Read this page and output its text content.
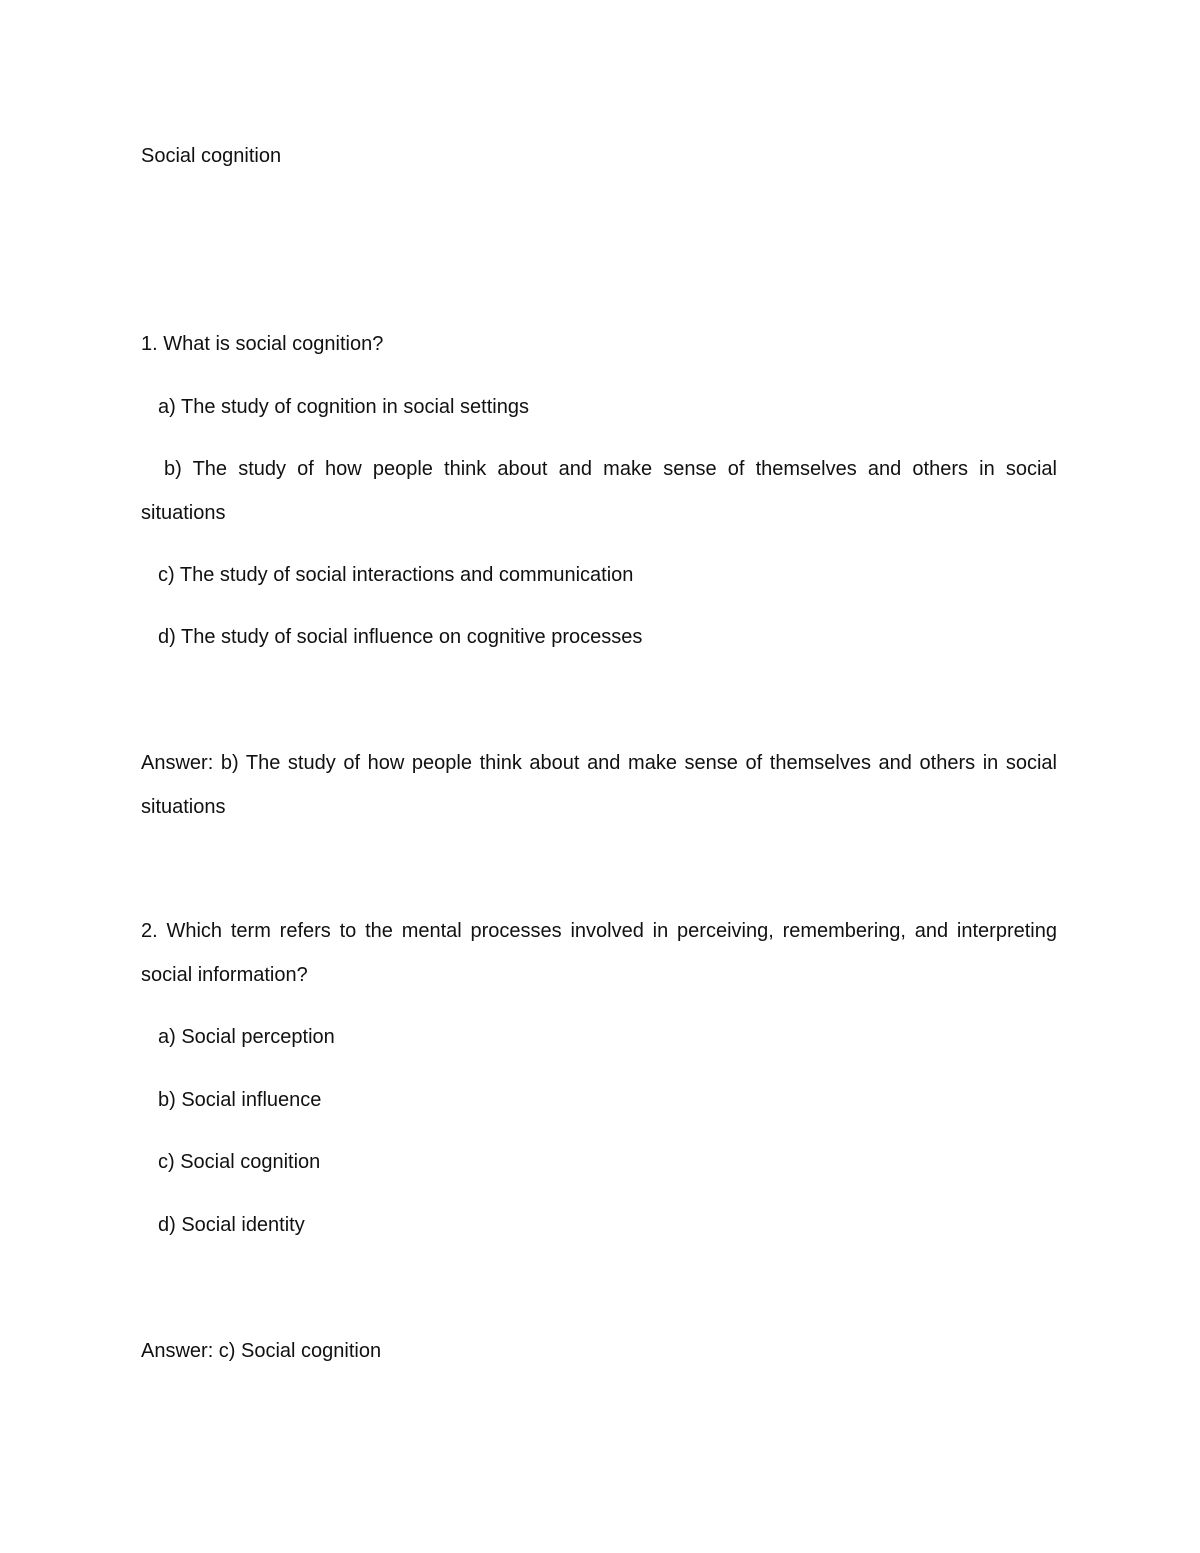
Social cognition
1. What is social cognition?
a) The study of cognition in social settings
b) The study of how people think about and make sense of themselves and others in social situations
c) The study of social interactions and communication
d) The study of social influence on cognitive processes
Answer: b) The study of how people think about and make sense of themselves and others in social situations
2. Which term refers to the mental processes involved in perceiving, remembering, and interpreting social information?
a) Social perception
b) Social influence
c) Social cognition
d) Social identity
Answer: c) Social cognition
